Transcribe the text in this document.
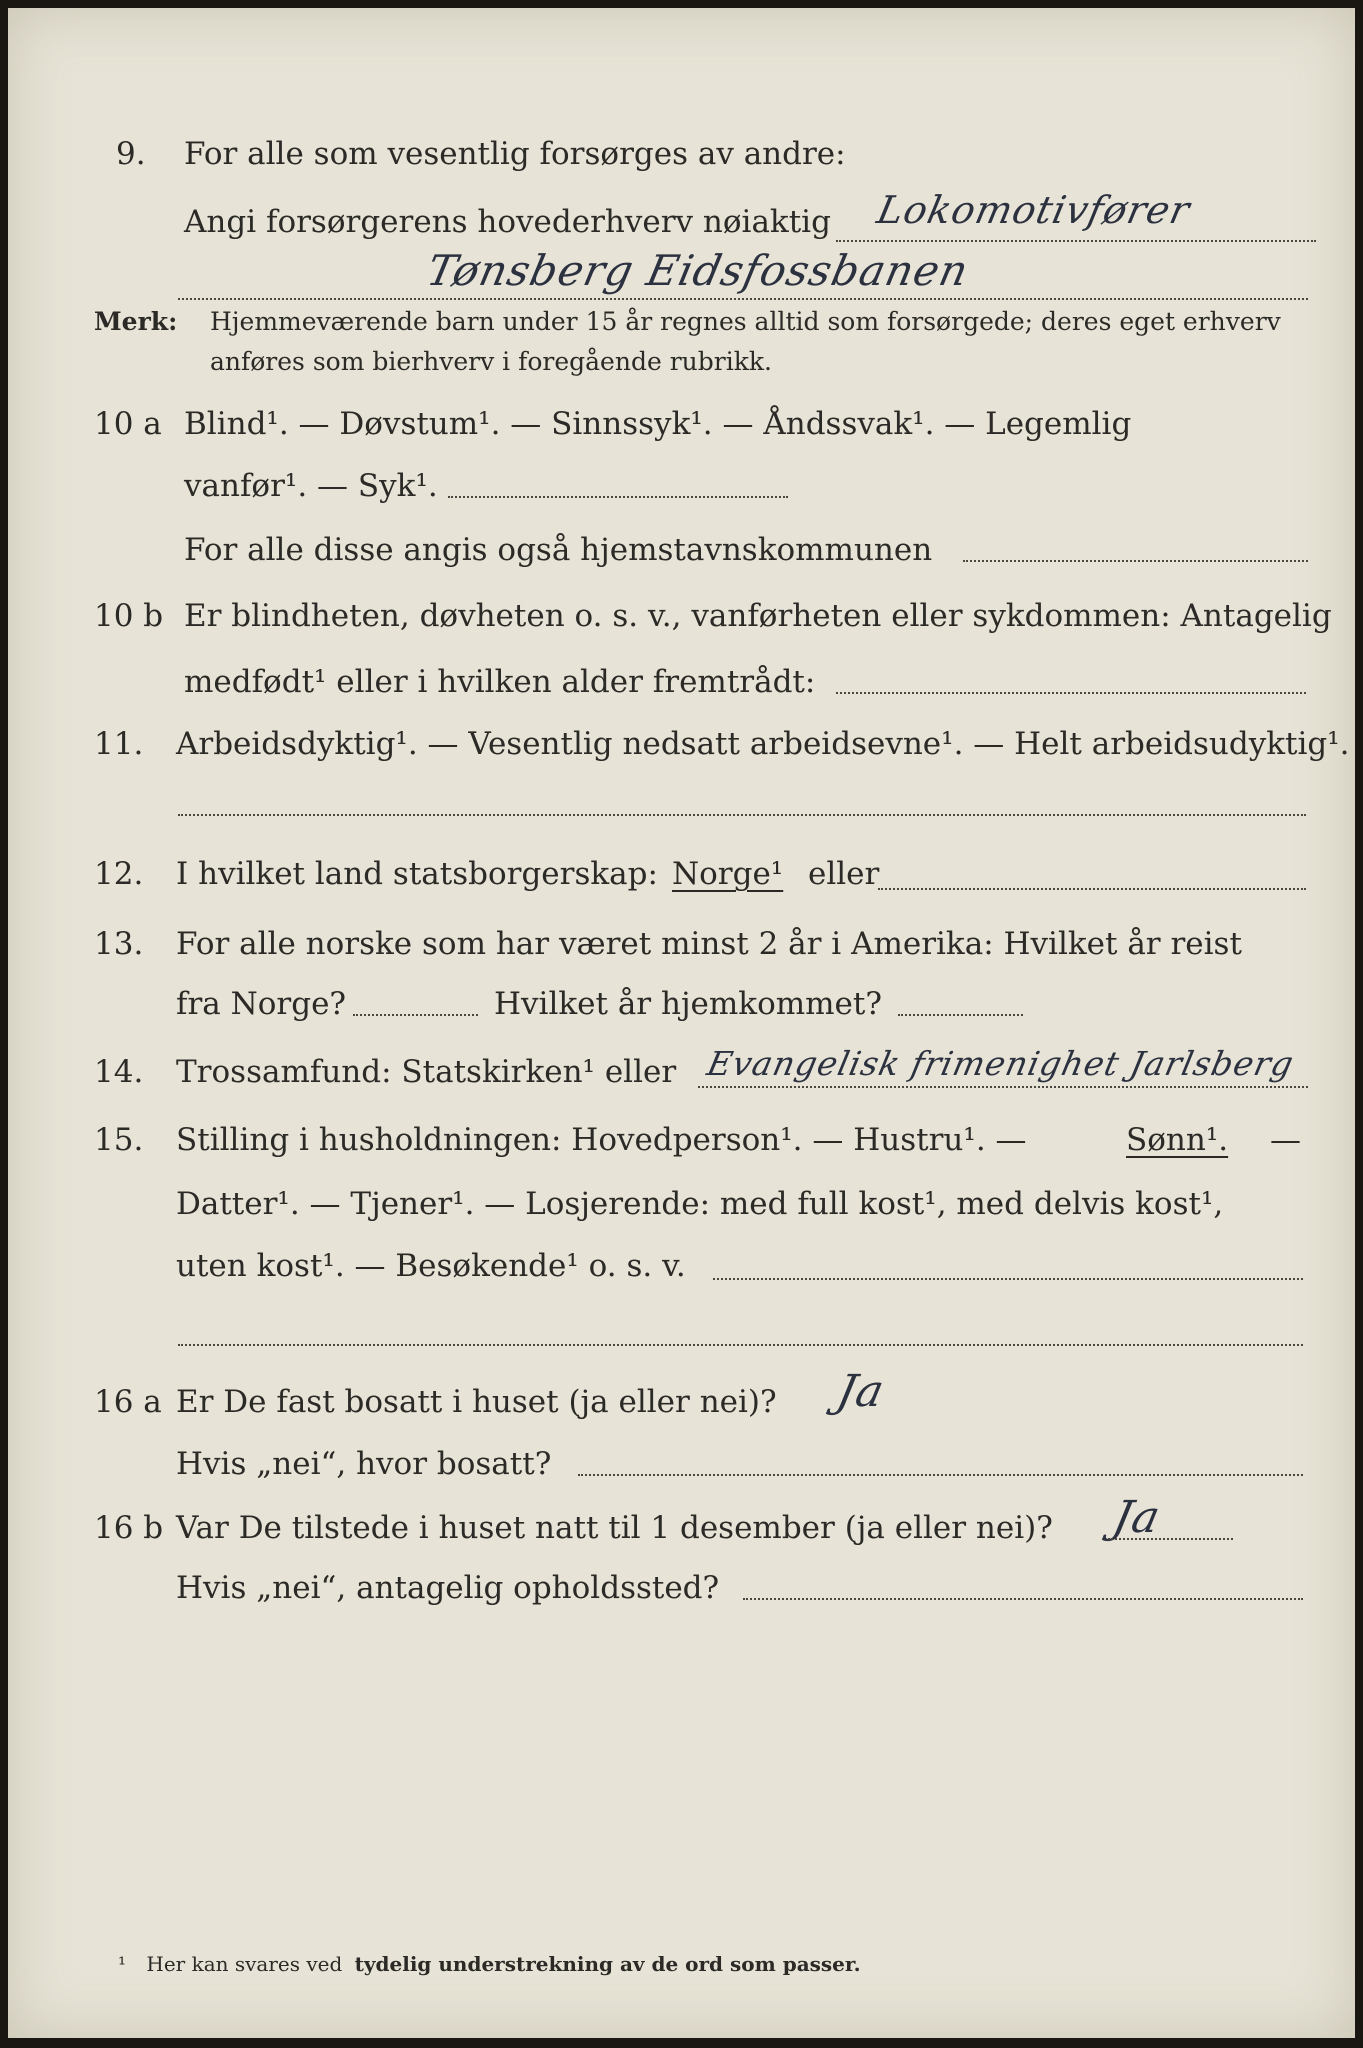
9. For alle som vesentlig forsørges av andre:
Angi forsørgerens hovederhverv nøiaktig Lokomotivfører
Tønsberg Eidsfossbanen
Merk: Hjemmeværende barn under 15 år regnes alltid som forsørgede; deres eget erhverv
anføres som bierhverv i foregående rubrikk.
10 a Blind¹. — Døvstum¹. — Sinnssyk¹. — Åndssvak¹. — Legemlig
vanfør¹. — Syk¹.
For alle disse angis også hjemstavnskommunen
10 b Er blindheten, døvheten o. s. v., vanførheten eller sykdommen: Antagelig
medfødt¹ eller i hvilken alder fremtrådt:
11. Arbeidsdyktig¹. — Vesentlig nedsatt arbeidsevne¹. — Helt arbeidsudyktig¹.
12. I hvilket land statsborgerskap: Norge¹ eller
13. For alle norske som har været minst 2 år i Amerika: Hvilket år reist
fra Norge?	Hvilket år hjemkommet?
14. Trossamfund: Statskirken¹ eller Evangelisk frimenighet Jarlsberg
15. Stilling i husholdningen: Hovedperson¹. — Hustru¹. —	Sønn¹. —
Datter¹. — Tjener¹. — Losjerende: med full kost¹, med delvis kost¹,
uten kost¹. — Besøkende¹ o. s. v.
16 a Er De fast bosatt i huset (ja eller nei)? Ja
Hvis „nei“, hvor bosatt?
16 b Var De tilstede i huset natt til 1 desember (ja eller nei)? Ja
Hvis „nei“, antagelig opholdssted?
¹ Her kan svares ved tydelig understrekning av de ord som passer.
